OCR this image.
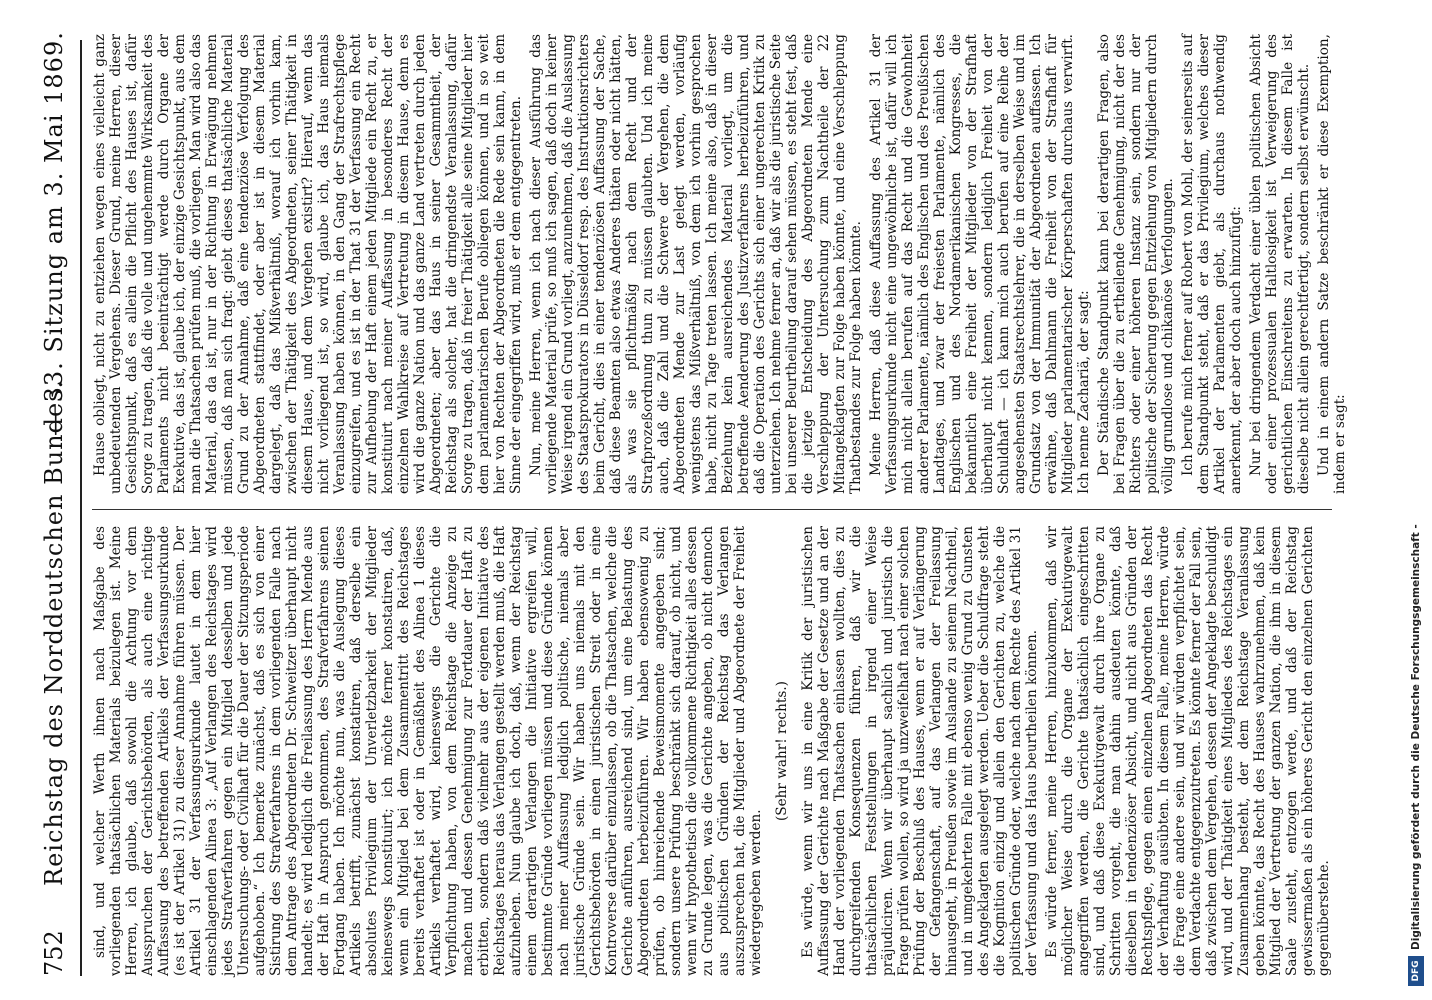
752
Reichstag des Norddeutschen Bundes.
— 33. Sitzung am 3. Mai 1869.

sind, und welcher Werth ihnen nach Maßgabe des vorliegenden thatsächlichen Materials beizulegen ist. Meine Herren, ich glaube, daß sowohl die Achtung vor dem Ausspruchen der Gerichtsbehörden, als auch eine richtige Auffassung des betreffenden Artikels der Verfassungsurkunde (es ist der Artikel 31) zu dieser Annahme führen müssen. Der Artikel 31 der Verfassungsurkunde lautet in dem hier einschlagenden Alinea 3: „Auf Verlangen des Reichstages wird jedes Strafverfahren gegen ein Mitglied desselben und jede Untersuchungs- oder Civilhaft für die Dauer der Sitzungsperiode aufgehoben.“ Ich bemerke zunächst, daß es sich von einer Sistirung des Strafverfahrens in dem vorliegenden Falle nach dem Antrage des Abgeordneten Dr. Schweitzer überhaupt nicht handelt; es wird lediglich die Freilassung des Herrn Mende aus der Haft in Anspruch genommen, des Strafverfahrens seinen Fortgang haben. Ich möchte nun, was die Auslegung dieses Artikels betrifft, zunächst konstatiren, daß derselbe ein absolutes Privilegium der Unverletzbarkeit der Mitglieder keineswegs konstituirt; ich möchte ferner konstatiren, daß, wenn ein Mitglied bei dem Zusammentritt des Reichstages bereits verhaftet ist oder in Gemäßheit des Alinea 1 dieses Artikels verhaftet wird, keineswegs die Gerichte die Verpflichtung haben, von dem Reichstage die Anzeige zu machen und dessen Genehmigung zur Fortdauer der Haft zu erbitten, sondern daß vielmehr aus der eigenen Initiative des Reichstages heraus das Verlangen gestellt werden muß, die Haft aufzuheben. Nun glaube ich doch, daß, wenn der Reichstag einem derartigen Verlangen die Initiative ergreifen will, bestimmte Gründe vorliegen müssen und diese Gründe können nach meiner Auffassung lediglich politische, niemals aber juristische Gründe sein. Wir haben uns niemals mit den Gerichtsbehörden in einen juristischen Streit oder in eine Kontroverse darüber einzulassen, ob die Thatsachen, welche die Gerichte anführen, ausreichend sind, um eine Belastung des Abgeordneten herbeizuführen. Wir haben ebensowenig zu prüfen, ob hinreichende Beweismomente angegeben sind; sondern unsere Prüfung beschränkt sich darauf, ob nicht, und wenn wir hypothetisch die vollkommene Richtigkeit alles dessen zu Grunde legen, was die Gerichte angeben, ob nicht dennoch aus politischen Gründen der Reichstag das Verlangen auszusprechen hat, die Mitglieder und Abgeordnete der Freiheit wiedergegeben werden.

(Sehr wahr! rechts.) Es würde, wenn wir uns in eine Kritik der juristischen Auffassung der Gerichte nach Maßgabe der Gesetze und an der Hand der vorliegenden Thatsachen einlassen wollten, dies zu durchgreifenden Konsequenzen führen, daß wir die thatsächlichen Feststellungen in irgend einer Weise präjudiciren. Wenn wir überhaupt sachlich und juristisch die Frage prüfen wollen, so wird ja unzweifelhaft nach einer solchen Prüfung der Beschluß des Hauses, wenn er auf Verlängerung der Gefangenschaft, auf das Verlangen der Freilassung hinausgeht, in Preußen sowie im Auslande zu seinem Nachtheil, und in umgekehrten Falle mit ebenso wenig Grund zu Gunsten des Angeklagten ausgelegt werden. Ueber die Schuldfrage steht die Kognition einzig und allein den Gerichten zu, welche die politischen Gründe oder, welche nach dem Rechte des Artikel 31 der Verfassung und das Haus beurtheilen können. Es würde ferner, meine Herren, hinzukommen, daß wir möglicher Weise durch die Organe der Exekutivgewalt angegriffen werden, die Gerichte thatsächlich eingeschritten sind, und daß diese Exekutivgewalt durch ihre Organe zu Schritten vorgeht, die man dahin ausdeuten könnte, daß dieselben in tendenziöser Absicht, und nicht aus Gründen der Rechtspflege, gegen einen einzelnen Abgeordneten das Recht der Verhaftung ausübten. In diesem Falle, meine Herren, würde die Frage eine andere sein, und wir würden verpflichtet sein, dem Verdachte entgegenzutreten. Es könnte ferner der Fall sein, daß zwischen dem Vergehen, dessen der Angeklagte beschuldigt wird, und der Thätigkeit eines Mitgliedes des Reichstages ein Zusammenhang besteht, der dem Reichstage Veranlassung geben könnte, das Recht des Hauses wahrzunehmen, daß kein Mitglied der Vertretung der ganzen Nation, die ihm in diesem Saale zusteht, entzogen werde, und daß der Reichstag gewissermaßen als ein höheres Gericht den einzelnen Gerichten gegenüberstehe.

Hause obliegt, nicht zu entziehen wegen eines vielleicht ganz unbedeutenden Vergehens. Dieser Grund, meine Herren, dieser Gesichtspunkt, daß es allein die Pflicht des Hauses ist, dafür Sorge zu tragen, daß die volle und ungehemmte Wirksamkeit des Parlaments nicht beeinträchtigt werde durch Organe der Exekutive, das ist, glaube ich, der einzige Gesichtspunkt, aus dem man die Thatsachen prüfen muß, die vorliegen. Man wird also das Material, das da ist, nur in der Richtung in Erwägung nehmen müssen, daß man sich fragt: giebt dieses thatsächliche Material Grund zu der Annahme, daß eine tendenziöse Verfolgung des Abgeordneten stattfindet, oder aber ist in diesem Material dargelegt, daß das Mißverhältniß, worauf ich vorhin kam, zwischen der Thätigkeit des Abgeordneten, seiner Thätigkeit in diesem Hause, und dem Vergehen existirt? Hierauf, wenn das nicht vorliegend ist, so wird, glaube ich, das Haus niemals Veranlassung haben können, in den Gang der Strafrechtspflege einzugreifen, und es ist in der That 31 der Verfassung ein Recht zur Aufhebung der Haft einem jeden Mitgliede ein Recht zu, er konstituirt nach meiner Auffassung in besonderes Recht der einzelnen Wahlkreise auf Vertretung in diesem Hause, denn es wird die ganze Nation und das ganze Land vertreten durch jeden Abgeordneten; aber das Haus in seiner Gesammtheit, der Reichstag als solcher, hat die dringendste Veranlassung, dafür Sorge zu tragen, daß in freier Thätigkeit alle seine Mitglieder hier dem parlamentarischen Berufe obliegen können, und in so weit hier von Rechten der Abgeordneten die Rede sein kann, in dem Sinne der eingegriffen wird, muß er dem entgegentreten. Nun, meine Herren, wenn ich nach dieser Ausführung das vorliegende Material prüfe, so muß ich sagen, daß doch in keiner Weise irgend ein Grund vorliegt, anzunehmen, daß die Auslassung des Staatsprokurators in Düsseldorf resp. des Instruktionsrichters beim Gericht, dies in einer tendenziösen Auffassung der Sache, daß diese Beamten also etwas Anderes thäten oder nicht hätten, als was sie pflichtmäßig nach dem Recht und der Strafprozeßordnung thun zu müssen glaubten. Und ich meine auch, daß die Zahl und die Schwere der Vergehen, die dem Abgeordneten Mende zur Last gelegt werden, vorläufig wenigstens das Mißverhältniß, von dem ich vorhin gesprochen habe, nicht zu Tage treten lassen. Ich meine also, daß in dieser Beziehung kein ausreichendes Material vorliegt, um die betreffende Aenderung des Justizverfahrens herbeizuführen, und daß die Operation des Gerichts sich einer ungerechten Kritik zu unterziehen. Ich nehme ferner an, daß wir als die juristische Seite bei unserer Beurtheilung darauf sehen müssen, es steht fest, daß die jetzige Entscheidung des Abgeordneten Mende eine Verschleppung der Untersuchung zum Nachtheile der 22 Mitangeklagten zur Folge haben könnte, und eine Verschleppung Thatbestandes zur Folge haben könnte. Meine Herren, daß diese Auffassung des Artikel 31 der Verfassungsurkunde nicht eine ungewöhnliche ist, dafür will ich mich nicht allein berufen auf das Recht und die Gewohnheit anderer Parlamente, nämlich des Englischen und des Preußischen Landtages, und zwar der freiesten Parlamente, nämlich des Englischen und des Nordamerikanischen Kongresses, die bekanntlich eine Freiheit der Mitglieder von der Strafhaft überhaupt nicht kennen, sondern lediglich Freiheit von der Schuldhaft — ich kann mich auch berufen auf eine Reihe der angesehensten Staatsrechtslehrer, die in derselben Weise und im Grundsatz von der Immunität der Abgeordneten auffassen. Ich erwähne, daß Dahlmann die Freiheit von der Strafhaft für Mitglieder parlamentarischer Körperschaften durchaus verwirft. Ich nenne Zachariä, der sagt: Der Ständische Standpunkt kann bei derartigen Fragen, also bei Fragen über die zu ertheilende Genehmigung, nicht der des Richters oder einer höheren Instanz sein, sondern nur der politische der Sicherung gegen Entziehung von Mitgliedern durch völlig grundlose und chikanöse Verfolgungen. Ich berufe mich ferner auf Robert von Mohl, der seinerseits auf dem Standpunkt steht, daß er das Privilegium, welches dieser Artikel der Parlamenten giebt, als durchaus nothwendig anerkennt, der aber doch auch hinzufügt: Nur bei dringendem Verdacht einer üblen politischen Absicht oder einer prozessualen Haltlosigkeit ist Verweigerung des gerichtlichen Einschreitens zu erwarten. In diesem Falle ist dieselbe nicht allein gerechtfertigt, sondern selbst erwünscht. Und in einem andern Satze beschränkt er diese Exemption, indem er sagt:

Digitalisierung gefördert durch die Deutsche Forschungsgemeinschaft -
DFG
